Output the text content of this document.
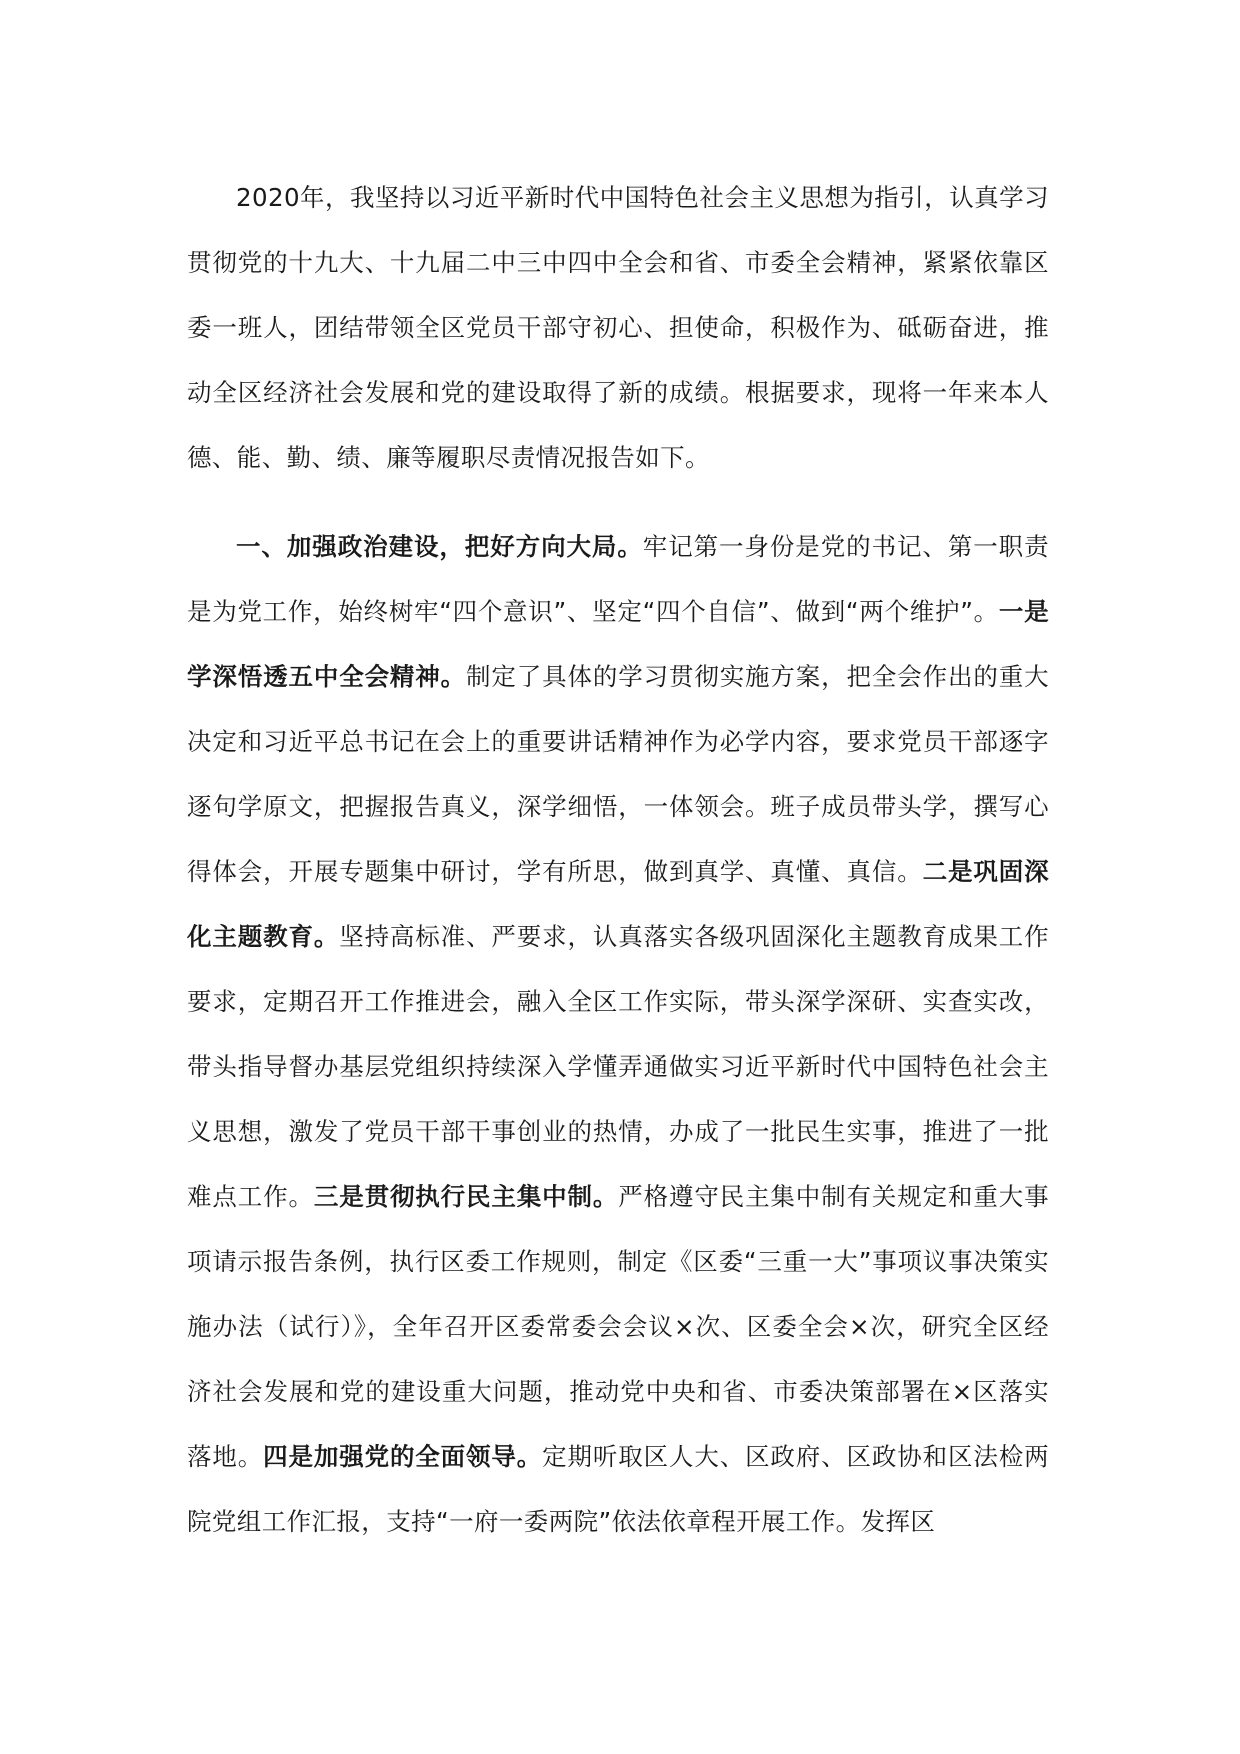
2020年，我坚持以习近平新时代中国特色社会主义思想为指引，认真学习贯彻党的十九大、十九届二中三中四中全会和省、市委全会精神，紧紧依靠区委一班人，团结带领全区党员干部守初心、担使命，积极作为、砥砺奋进，推动全区经济社会发展和党的建设取得了新的成绩。根据要求，现将一年来本人德、能、勤、绩、廉等履职尽责情况报告如下。

一、加强政治建设，把好方向大局。牢记第一身份是党的书记、第一职责是为党工作，始终树牢“四个意识”、坚定“四个自信”、做到“两个维护”。一是学深悟透五中全会精神。制定了具体的学习贯彻实施方案，把全会作出的重大决定和习近平总书记在会上的重要讲话精神作为必学内容，要求党员干部逐字逐句学原文，把握报告真义，深学细悟，一体领会。班子成员带头学，撰写心得体会，开展专题集中研讨，学有所思，做到真学、真懂、真信。二是巩固深化主题教育。坚持高标准、严要求，认真落实各级巩固深化主题教育成果工作要求，定期召开工作推进会，融入全区工作实际，带头深学深研、实查实改，带头指导督办基层党组织持续深入学懂弄通做实习近平新时代中国特色社会主义思想，激发了党员干部干事创业的热情，办成了一批民生实事，推进了一批难点工作。三是贯彻执行民主集中制。严格遵守民主集中制有关规定和重大事项请示报告条例，执行区委工作规则，制定《区委“三重一大”事项议事决策实施办法（试行）》，全年召开区委常委会会议×次、区委全会×次，研究全区经济社会发展和党的建设重大问题，推动党中央和省、市委决策部署在×区落实落地。四是加强党的全面领导。定期听取区人大、区政府、区政协和区法检两院党组工作汇报，支持“一府一委两院”依法依章程开展工作。发挥区
